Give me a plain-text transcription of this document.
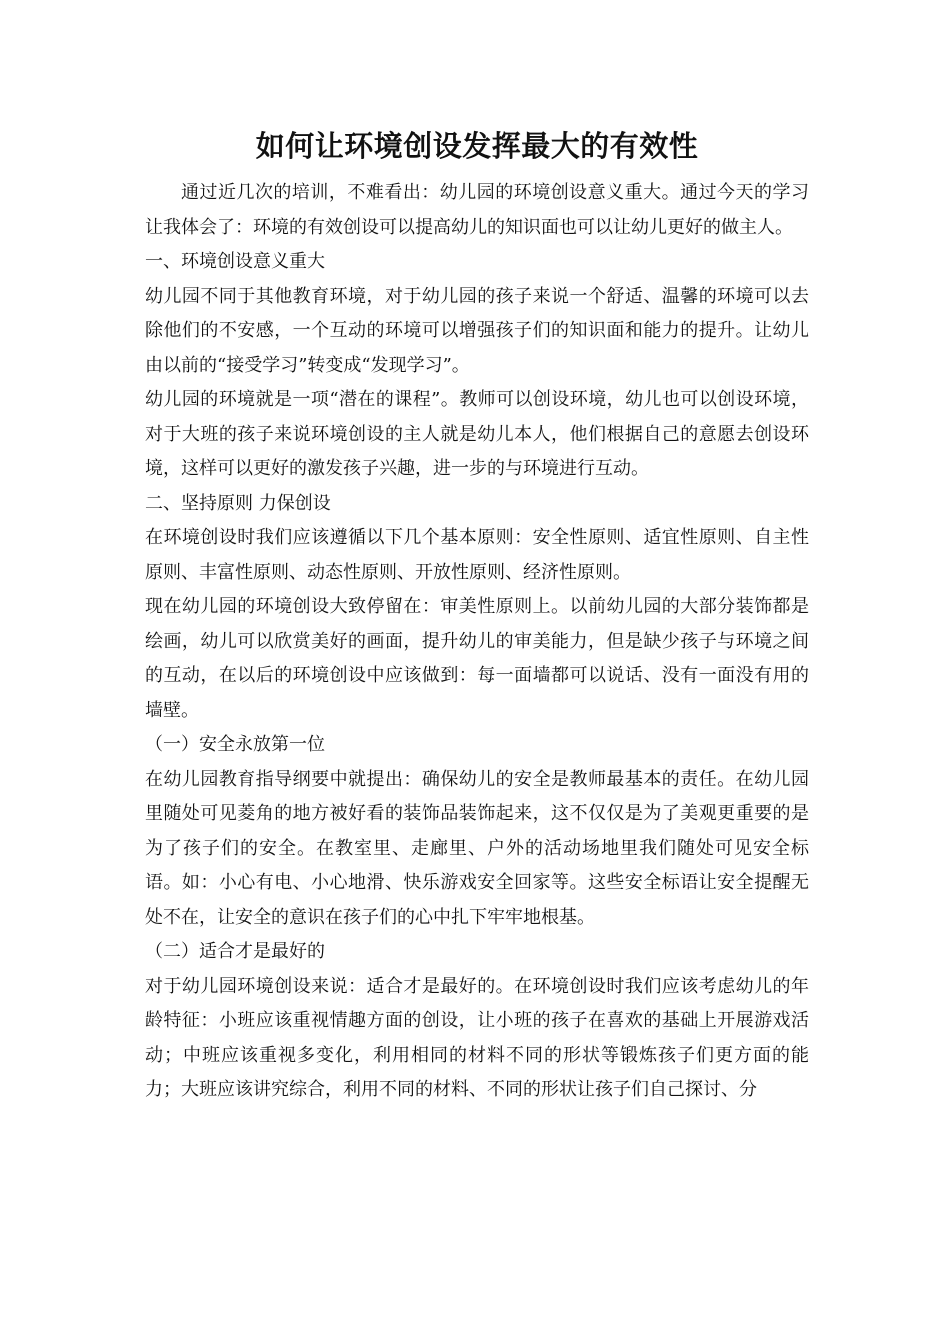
如何让环境创设发挥最大的有效性

通过近几次的培训，不难看出：幼儿园的环境创设意义重大。通过今天的学习让我体会了：环境的有效创设可以提高幼儿的知识面也可以让幼儿更好的做主人。

一、环境创设意义重大

幼儿园不同于其他教育环境，对于幼儿园的孩子来说一个舒适、温馨的环境可以去除他们的不安感，一个互动的环境可以增强孩子们的知识面和能力的提升。让幼儿由以前的“接受学习”转变成“发现学习”。

幼儿园的环境就是一项“潜在的课程”。教师可以创设环境，幼儿也可以创设环境，对于大班的孩子来说环境创设的主人就是幼儿本人，他们根据自己的意愿去创设环境，这样可以更好的激发孩子兴趣，进一步的与环境进行互动。

二、坚持原则 力保创设

在环境创设时我们应该遵循以下几个基本原则：安全性原则、适宜性原则、自主性原则、丰富性原则、动态性原则、开放性原则、经济性原则。

现在幼儿园的环境创设大致停留在：审美性原则上。以前幼儿园的大部分装饰都是绘画，幼儿可以欣赏美好的画面，提升幼儿的审美能力，但是缺少孩子与环境之间的互动，在以后的环境创设中应该做到：每一面墙都可以说话、没有一面没有用的墙壁。

（一）安全永放第一位

在幼儿园教育指导纲要中就提出：确保幼儿的安全是教师最基本的责任。在幼儿园里随处可见菱角的地方被好看的装饰品装饰起来，这不仅仅是为了美观更重要的是为了孩子们的安全。在教室里、走廊里、户外的活动场地里我们随处可见安全标语。如：小心有电、小心地滑、快乐游戏安全回家等。这些安全标语让安全提醒无处不在，让安全的意识在孩子们的心中扎下牢牢地根基。

（二）适合才是最好的

对于幼儿园环境创设来说：适合才是最好的。在环境创设时我们应该考虑幼儿的年龄特征：小班应该重视情趣方面的创设，让小班的孩子在喜欢的基础上开展游戏活动；中班应该重视多变化，利用相同的材料不同的形状等锻炼孩子们更方面的能力；大班应该讲究综合，利用不同的材料、不同的形状让孩子们自己探讨、分
